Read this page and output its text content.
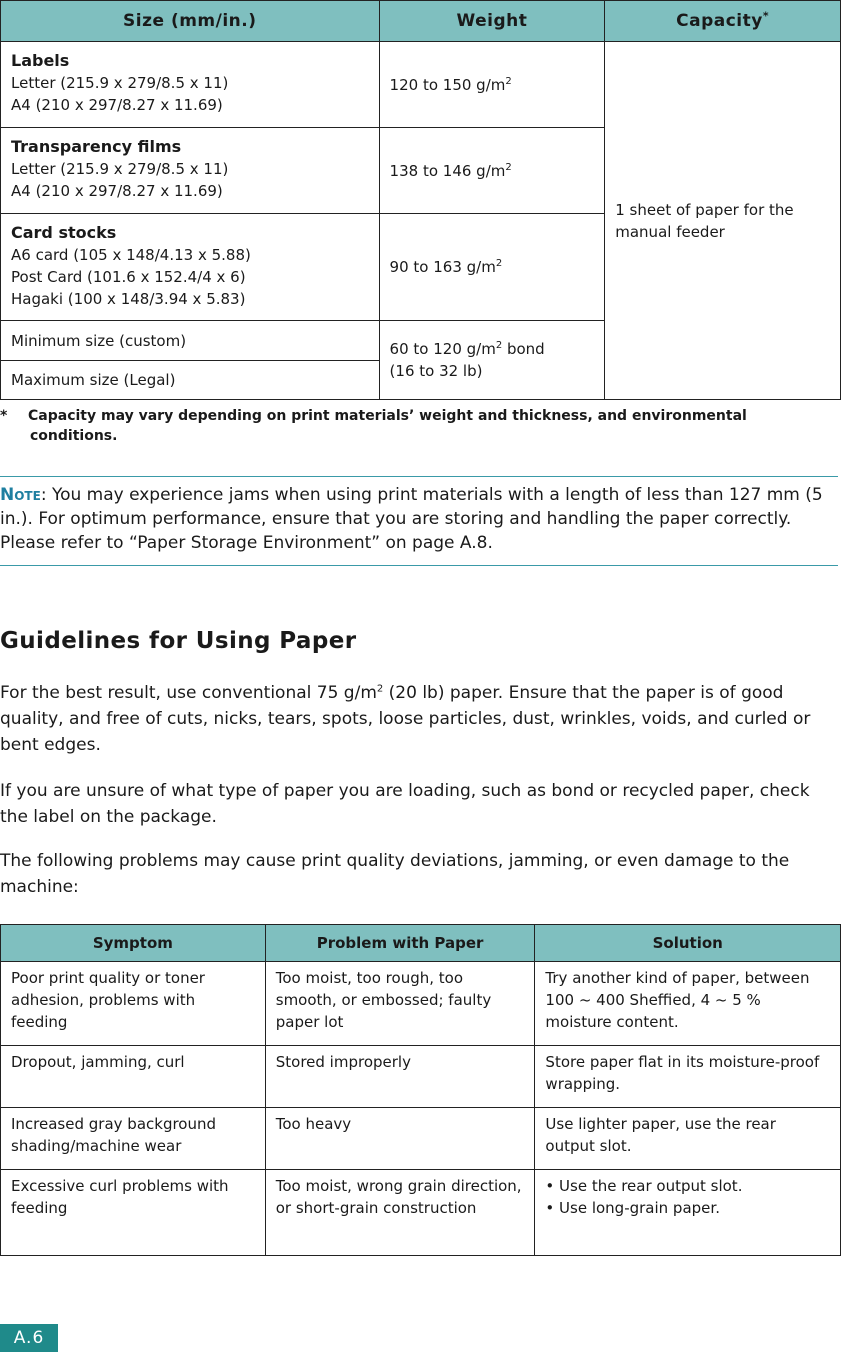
Size (mm/in.)	Weight	Capacity*

Labels
Letter (215.9 x 279/8.5 x 11)
A4 (210 x 297/8.27 x 11.69)	120 to 150 $g/m^2$	1 sheet of paper for the manual feeder

Transparency films
Letter (215.9 x 279/8.5 x 11)
A4 (210 x 297/8.27 x 11.69)	138 to 146 $g/m^2$

Card stocks
A6 card (105 x 148/4.13 x 5.88)
Post Card (101.6 x 152.4/4 x 6)
Hagaki (100 x 148/3.94 x 5.83)	90 to 163 $g/m^2$
Minimum size (custom)	60 to 120 $g/m^2$ bond
(16 to 32 lb)	

Maximum size (Legal)		
* Capacity may vary depending on print materials’ weight and thickness, and environmental
conditions.
Note: You may experience jams when using print materials with a length of less than 127 mm (5 in.). For optimum performance, ensure that you are storing and handling the paper correctly. Please refer to “Paper Storage Environment” on page A.8.
Guidelines for Using Paper

For the best result, use conventional 75 $g/m^2$ (20 lb) paper. Ensure that the paper is of good quality, and free of cuts, nicks, tears, spots, loose particles, dust, wrinkles, voids, and curled or bent edges.

If you are unsure of what type of paper you are loading, such as bond or recycled paper, check the label on the package.

The following problems may cause print quality deviations, jamming, or even damage to the machine:

Symptom	Problem with Paper	Solution
Poor print quality or toner adhesion, problems with feeding	Too moist, too rough, too smooth, or embossed; faulty paper lot	Try another kind of paper, between 100 ~ 400 Sheffied, 4 ~ 5 % moisture content.

Dropout, jamming, curl	Stored improperly	Store paper flat in its moisture-proof wrapping.

Increased gray background shading/machine wear	Too heavy	Use lighter paper, use the rear output slot.

Excessive curl problems with feeding	Too moist, wrong grain direction, or short-grain construction	• Use the rear output slot.
• Use long-grain paper.
A.6
